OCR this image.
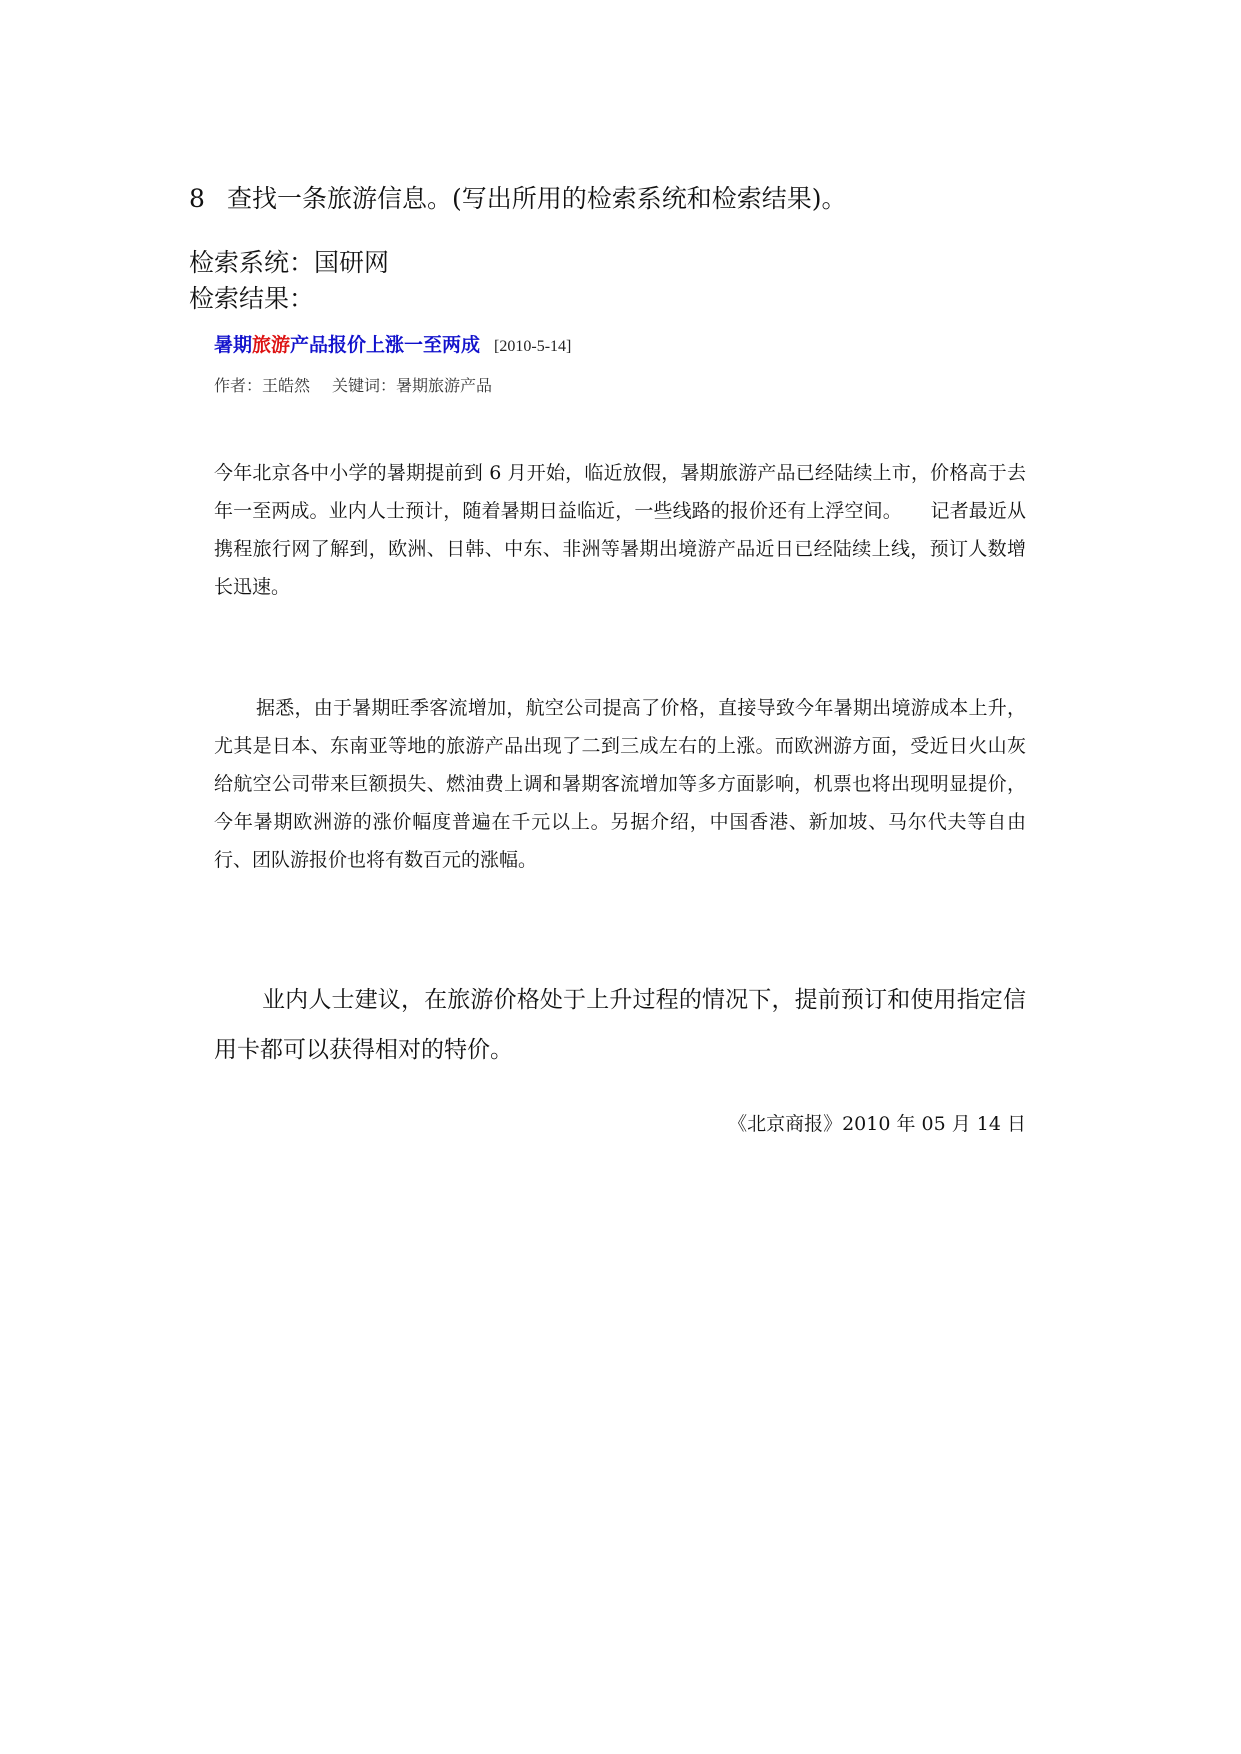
8 查找一条旅游信息。(写出所用的检索系统和检索结果)。
检索系统：国研网
检索结果：
暑期旅游产品报价上涨一至两成 [2010-5-14]
作者：王皓然 关键词：暑期旅游产品
今年北京各中小学的暑期提前到 6 月开始，临近放假，暑期旅游产品已经陆续上市，价格高于去年一至两成。业内人士预计，随着暑期日益临近，一些线路的报价还有上浮空间。　　记者最近从携程旅行网了解到，欧洲、日韩、中东、非洲等暑期出境游产品近日已经陆续上线，预订人数增长迅速。
据悉，由于暑期旺季客流增加，航空公司提高了价格，直接导致今年暑期出境游成本上升，尤其是日本、东南亚等地的旅游产品出现了二到三成左右的上涨。而欧洲游方面，受近日火山灰给航空公司带来巨额损失、燃油费上调和暑期客流增加等多方面影响，机票也将出现明显提价，今年暑期欧洲游的涨价幅度普遍在千元以上。另据介绍，中国香港、新加坡、马尔代夫等自由行、团队游报价也将有数百元的涨幅。
业内人士建议，在旅游价格处于上升过程的情况下，提前预订和使用指定信用卡都可以获得相对的特价。
《北京商报》2010 年 05 月 14 日
